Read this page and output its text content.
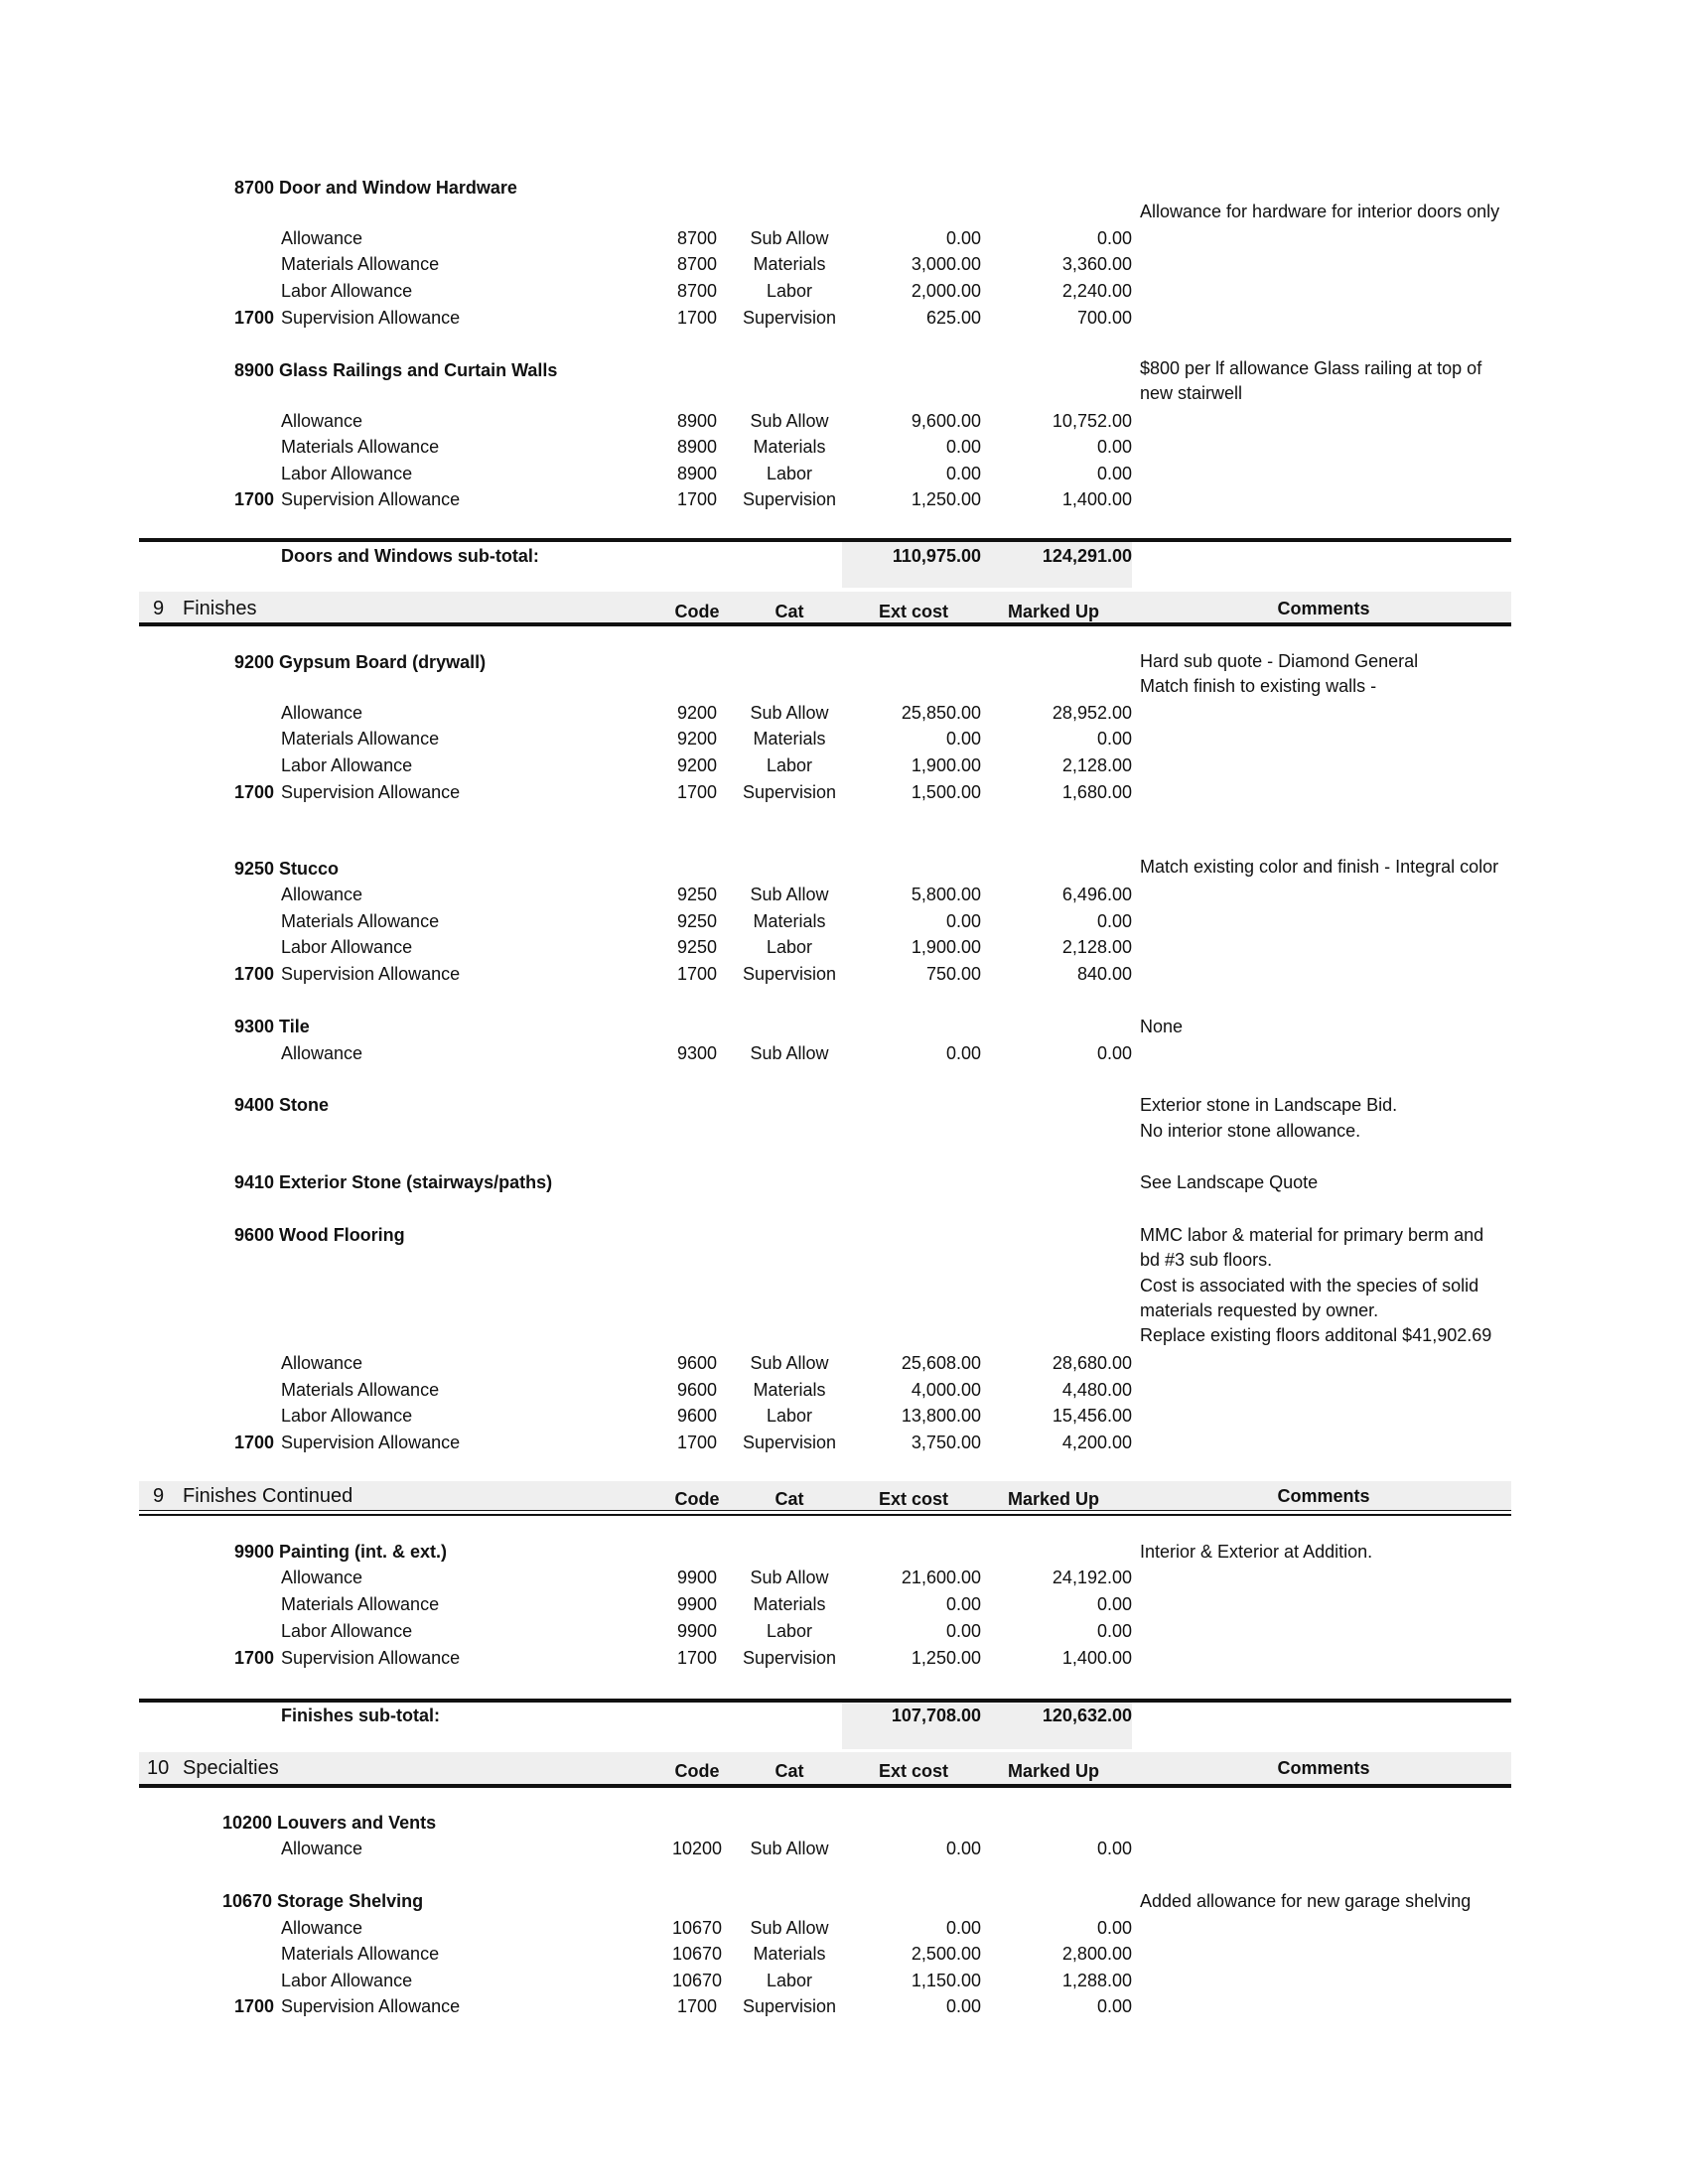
8700 Door and Window Hardware
Allowance for hardware for interior doors only
Allowance	8700	Sub Allow	0.00	0.00
Materials Allowance	8700	Materials	3,000.00	3,360.00
Labor Allowance	8700	Labor	2,000.00	2,240.00
1700 Supervision Allowance	1700	Supervision	625.00	700.00
8900 Glass Railings and Curtain Walls	$800 per lf allowance Glass railing at top of
new stairwell
Allowance	8900	Sub Allow	9,600.00	10,752.00
Materials Allowance	8900	Materials	0.00	0.00
Labor Allowance	8900	Labor	0.00	0.00
1700 Supervision Allowance	1700	Supervision	1,250.00	1,400.00
Doors and Windows sub-total:	110,975.00	124,291.00
9 Finishes	Code	Cat	Ext cost	Marked Up	Comments
9200 Gypsum Board (drywall)	Hard sub quote - Diamond General
Match finish to existing walls -
Allowance	9200	Sub Allow	25,850.00	28,952.00
Materials Allowance	9200	Materials	0.00	0.00
Labor Allowance	9200	Labor	1,900.00	2,128.00
1700 Supervision Allowance	1700	Supervision	1,500.00	1,680.00
9250 Stucco	Match existing color and finish - Integral color
Allowance	9250	Sub Allow	5,800.00	6,496.00
Materials Allowance	9250	Materials	0.00	0.00
Labor Allowance	9250	Labor	1,900.00	2,128.00
1700 Supervision Allowance	1700	Supervision	750.00	840.00
9300 Tile	None
Allowance	9300	Sub Allow	0.00	0.00
9400 Stone	Exterior stone in Landscape Bid.
No interior stone allowance.
9410 Exterior Stone (stairways/paths)	See Landscape Quote
9600 Wood Flooring	MMC labor & material for primary berm and
bd #3 sub floors.
Cost is associated with the species of solid
materials requested by owner.
Replace existing floors additonal $41,902.69
Allowance	9600	Sub Allow	25,608.00	28,680.00
Materials Allowance	9600	Materials	4,000.00	4,480.00
Labor Allowance	9600	Labor	13,800.00	15,456.00
1700 Supervision Allowance	1700	Supervision	3,750.00	4,200.00
9 Finishes Continued	Code	Cat	Ext cost	Marked Up	Comments
9900 Painting (int. & ext.)	Interior & Exterior at Addition.
Allowance	9900	Sub Allow	21,600.00	24,192.00
Materials Allowance	9900	Materials	0.00	0.00
Labor Allowance	9900	Labor	0.00	0.00
1700 Supervision Allowance	1700	Supervision	1,250.00	1,400.00
Finishes sub-total:	107,708.00	120,632.00
10 Specialties	Code	Cat	Ext cost	Marked Up	Comments
10200 Louvers and Vents
Allowance	10200	Sub Allow	0.00	0.00
10670 Storage Shelving	Added allowance for new garage shelving
Allowance	10670	Sub Allow	0.00	0.00
Materials Allowance	10670	Materials	2,500.00	2,800.00
Labor Allowance	10670	Labor	1,150.00	1,288.00
1700 Supervision Allowance	1700	Supervision	0.00	0.00
